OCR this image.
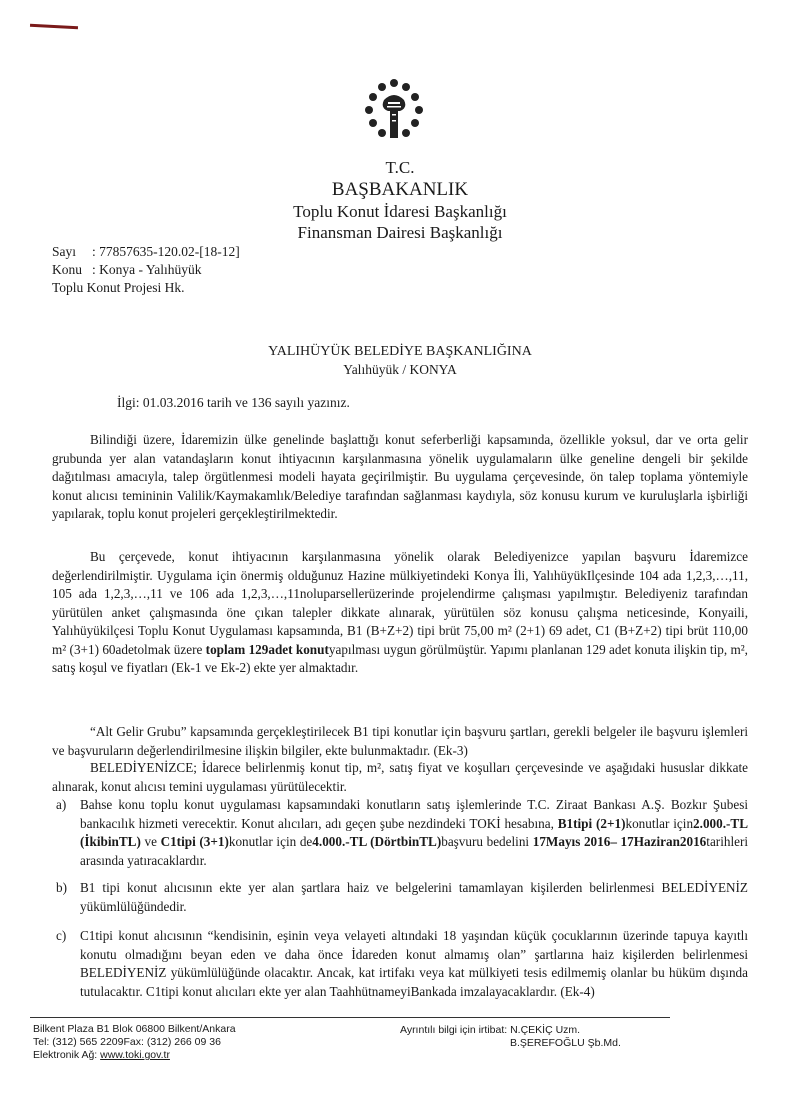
T.C.
BAŞBAKANLIK
Toplu Konut İdaresi Başkanlığı
Finansman Dairesi Başkanlığı
Sayı : 77857635-120.02-[18-12]
Konu : Konya - Yalıhüyük
Toplu Konut Projesi Hk.
YALIHÜYÜK BELEDİYE BAŞKANLIĞINA
Yalıhüyük / KONYA
İlgi: 01.03.2016 tarih ve 136 sayılı yazınız.

Bilindiği üzere, İdaremizin ülke genelinde başlattığı konut seferberliği kapsamında, özellikle yoksul, dar ve orta gelir grubunda yer alan vatandaşların konut ihtiyacının karşılanmasına yönelik uygulamaların ülke geneline dengeli bir şekilde dağıtılması amacıyla, talep örgütlenmesi modeli hayata geçirilmiştir. Bu uygulama çerçevesinde, ön talep toplama yöntemiyle konut alıcısı temininin Valilik/Kaymakamlık/Belediye tarafından sağlanması kaydıyla, söz konusu kurum ve kuruluşlarla işbirliği yapılarak, toplu konut projeleri gerçekleştirilmektedir.

Bu çerçevede, konut ihtiyacının karşılanmasına yönelik olarak Belediyenizce yapılan başvuru İdaremizce değerlendirilmiştir. Uygulama için önermiş olduğunuz Hazine mülkiyetindeki Konya İli, YalıhüyükIlçesinde 104 ada 1,2,3,…,11, 105 ada 1,2,3,…,11 ve 106 ada 1,2,3,…,11noluparsellerüzerinde projelendirme çalışması yapılmıştır. Belediyeniz tarafından yürütülen anket çalışmasında öne çıkan talepler dikkate alınarak, yürütülen söz konusu çalışma neticesinde, Konyaili, Yalıhüyükilçesi Toplu Konut Uygulaması kapsamında, B1 (B+Z+2) tipi brüt 75,00 m² (2+1) 69 adet, C1 (B+Z+2) tipi brüt 110,00 m² (3+1) 60adetolmak üzere toplam 129adet konutyapılması uygun görülmüştür. Yapımı planlanan 129 adet konuta ilişkin tip, m², satış koşul ve fiyatları (Ek-1 ve Ek-2) ekte yer almaktadır.

“Alt Gelir Grubu” kapsamında gerçekleştirilecek B1 tipi konutlar için başvuru şartları, gerekli belgeler ile başvuru işlemleri ve başvuruların değerlendirilmesine ilişkin bilgiler, ekte bulunmaktadır. (Ek-3)

BELEDİYENİZCE; İdarece belirlenmiş konut tip, m², satış fiyat ve koşulları çerçevesinde ve aşağıdaki hususlar dikkate alınarak, konut alıcısı temini uygulaması yürütülecektir.

a) Bahse konu toplu konut uygulaması kapsamındaki konutların satış işlemlerinde T.C. Ziraat Bankası A.Ş. Bozkır Şubesi bankacılık hizmeti verecektir. Konut alıcıları, adı geçen şube nezdindeki TOKİ hesabına, B1tipi (2+1)konutlar için2.000.-TL (İkibinTL) ve C1tipi (3+1)konutlar için de4.000.-TL (DörtbinTL)başvuru bedelini 17Mayıs 2016– 17Haziran2016tarihleri arasında yatıracaklardır.
b) B1 tipi konut alıcısının ekte yer alan şartlara haiz ve belgelerini tamamlayan kişilerden belirlenmesi BELEDİYENİZ yükümlülüğündedir.
c) C1tipi konut alıcısının “kendisinin, eşinin veya velayeti altındaki 18 yaşından küçük çocuklarının üzerinde tapuya kayıtlı konutu olmadığını beyan eden ve daha önce İdareden konut almamış olan” şartlarına haiz kişilerden belirlenmesi BELEDİYENİZ yükümlülüğünde olacaktır. Ancak, kat irtifakı veya kat mülkiyeti tesis edilmemiş olanlar bu hüküm dışında tutulacaktır. C1tipi konut alıcıları ekte yer alan TaahhütnameyiBankada imzalayacaklardır. (Ek-4)
Bilkent Plaza B1 Blok 06800 Bilkent/Ankara
Tel: (312) 565 2209Fax: (312) 266 09 36
Elektronik Ağ: www.toki.gov.tr
Ayrıntılı bilgi için irtibat: N.ÇEKİÇ Uzm.
B.ŞEREFOĞLU Şb.Md.
